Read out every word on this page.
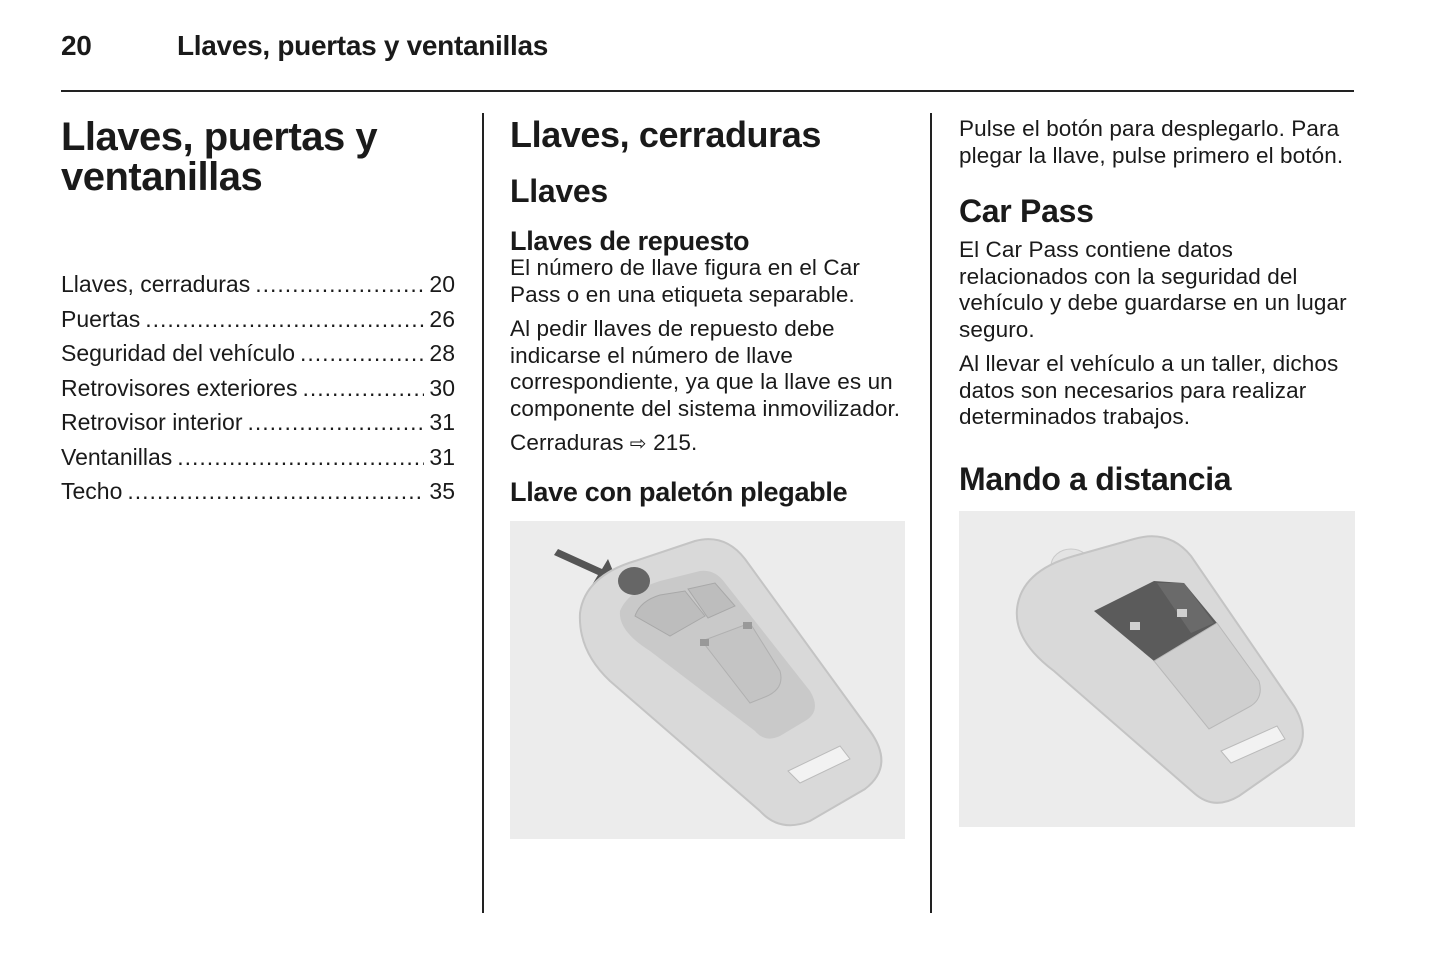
20	Llaves, puertas y ventanillas
Llaves, puertas y
ventanillas
Llaves, cerraduras .....	20
Puertas .....	26
Seguridad del vehículo .....	28
Retrovisores exteriores .....	30
Retrovisor interior .....	31
Ventanillas .....	31
Techo .....	35
Llaves, cerraduras
Llaves
Llaves de repuesto

El número de llave figura en el Car Pass o en una etiqueta separable.

Al pedir llaves de repuesto debe indicarse el número de llave correspondiente, ya que la llave es un componente del sistema inmovilizador.

Cerraduras ⇨ 215.

Llave con paletón plegable

Pulse el botón para desplegarlo. Para plegar la llave, pulse primero el botón.

Car Pass

El Car Pass contiene datos relacionados con la seguridad del vehículo y debe guardarse en un lugar seguro.

Al llevar el vehículo a un taller, dichos datos son necesarios para realizar determinados trabajos.

Mando a distancia
